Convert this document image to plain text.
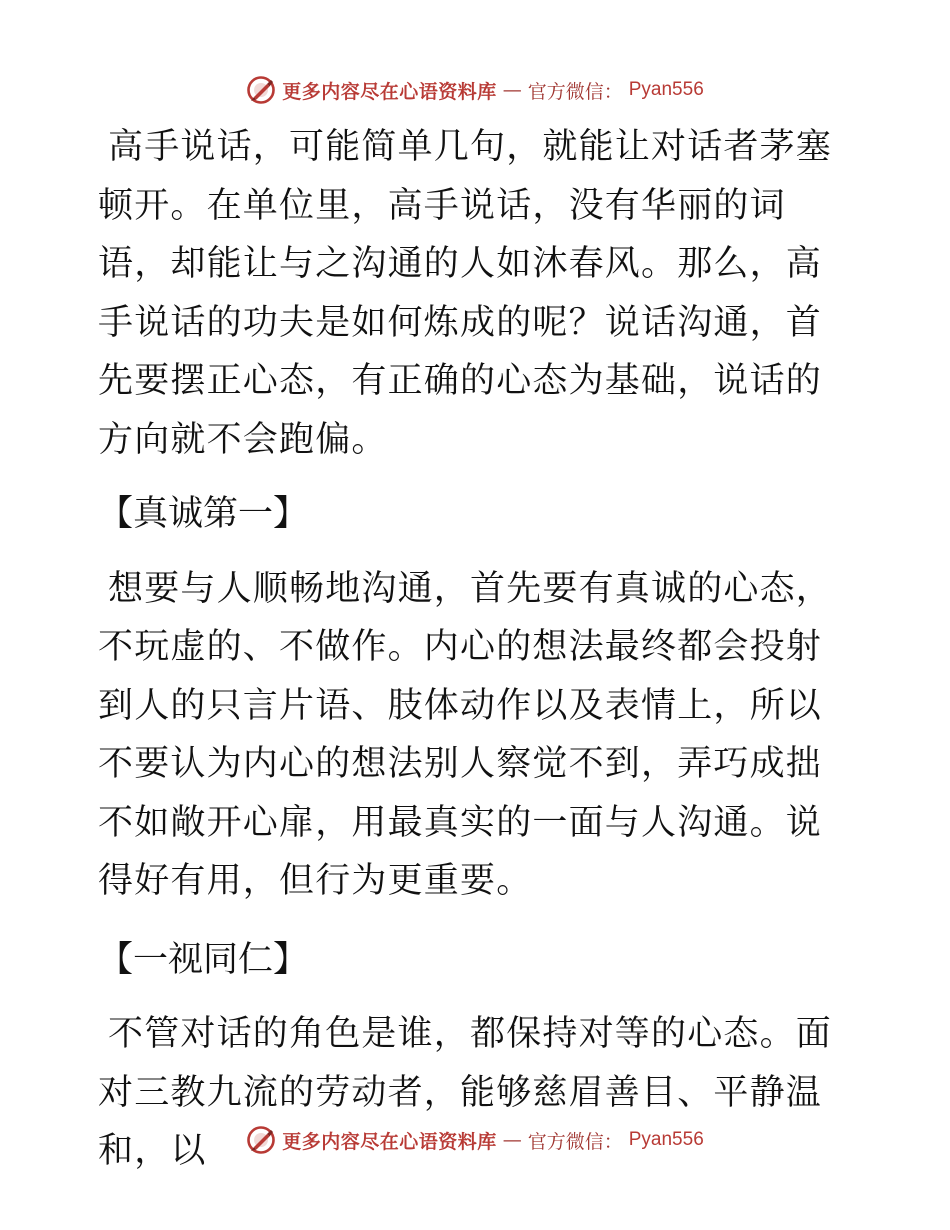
更多内容尽在心语资料库 — 官方微信： Pyan556

高手说话，可能简单几句，就能让对话者茅塞顿开。在单位里，高手说话，没有华丽的词语，却能让与之沟通的人如沐春风。那么，高手说话的功夫是如何炼成的呢？说话沟通，首先要摆正心态，有正确的心态为基础，说话的方向就不会跑偏。

【真诚第一】

想要与人顺畅地沟通，首先要有真诚的心态，不玩虚的、不做作。内心的想法最终都会投射到人的只言片语、肢体动作以及表情上，所以不要认为内心的想法别人察觉不到，弄巧成拙不如敞开心扉，用最真实的一面与人沟通。说得好有用，但行为更重要。

【一视同仁】

不管对话的角色是谁，都保持对等的心态。面对三教九流的劳动者，能够慈眉善目、平静温和，以	更多内容尽在心语资料库 — 官方微信： Pyan556
